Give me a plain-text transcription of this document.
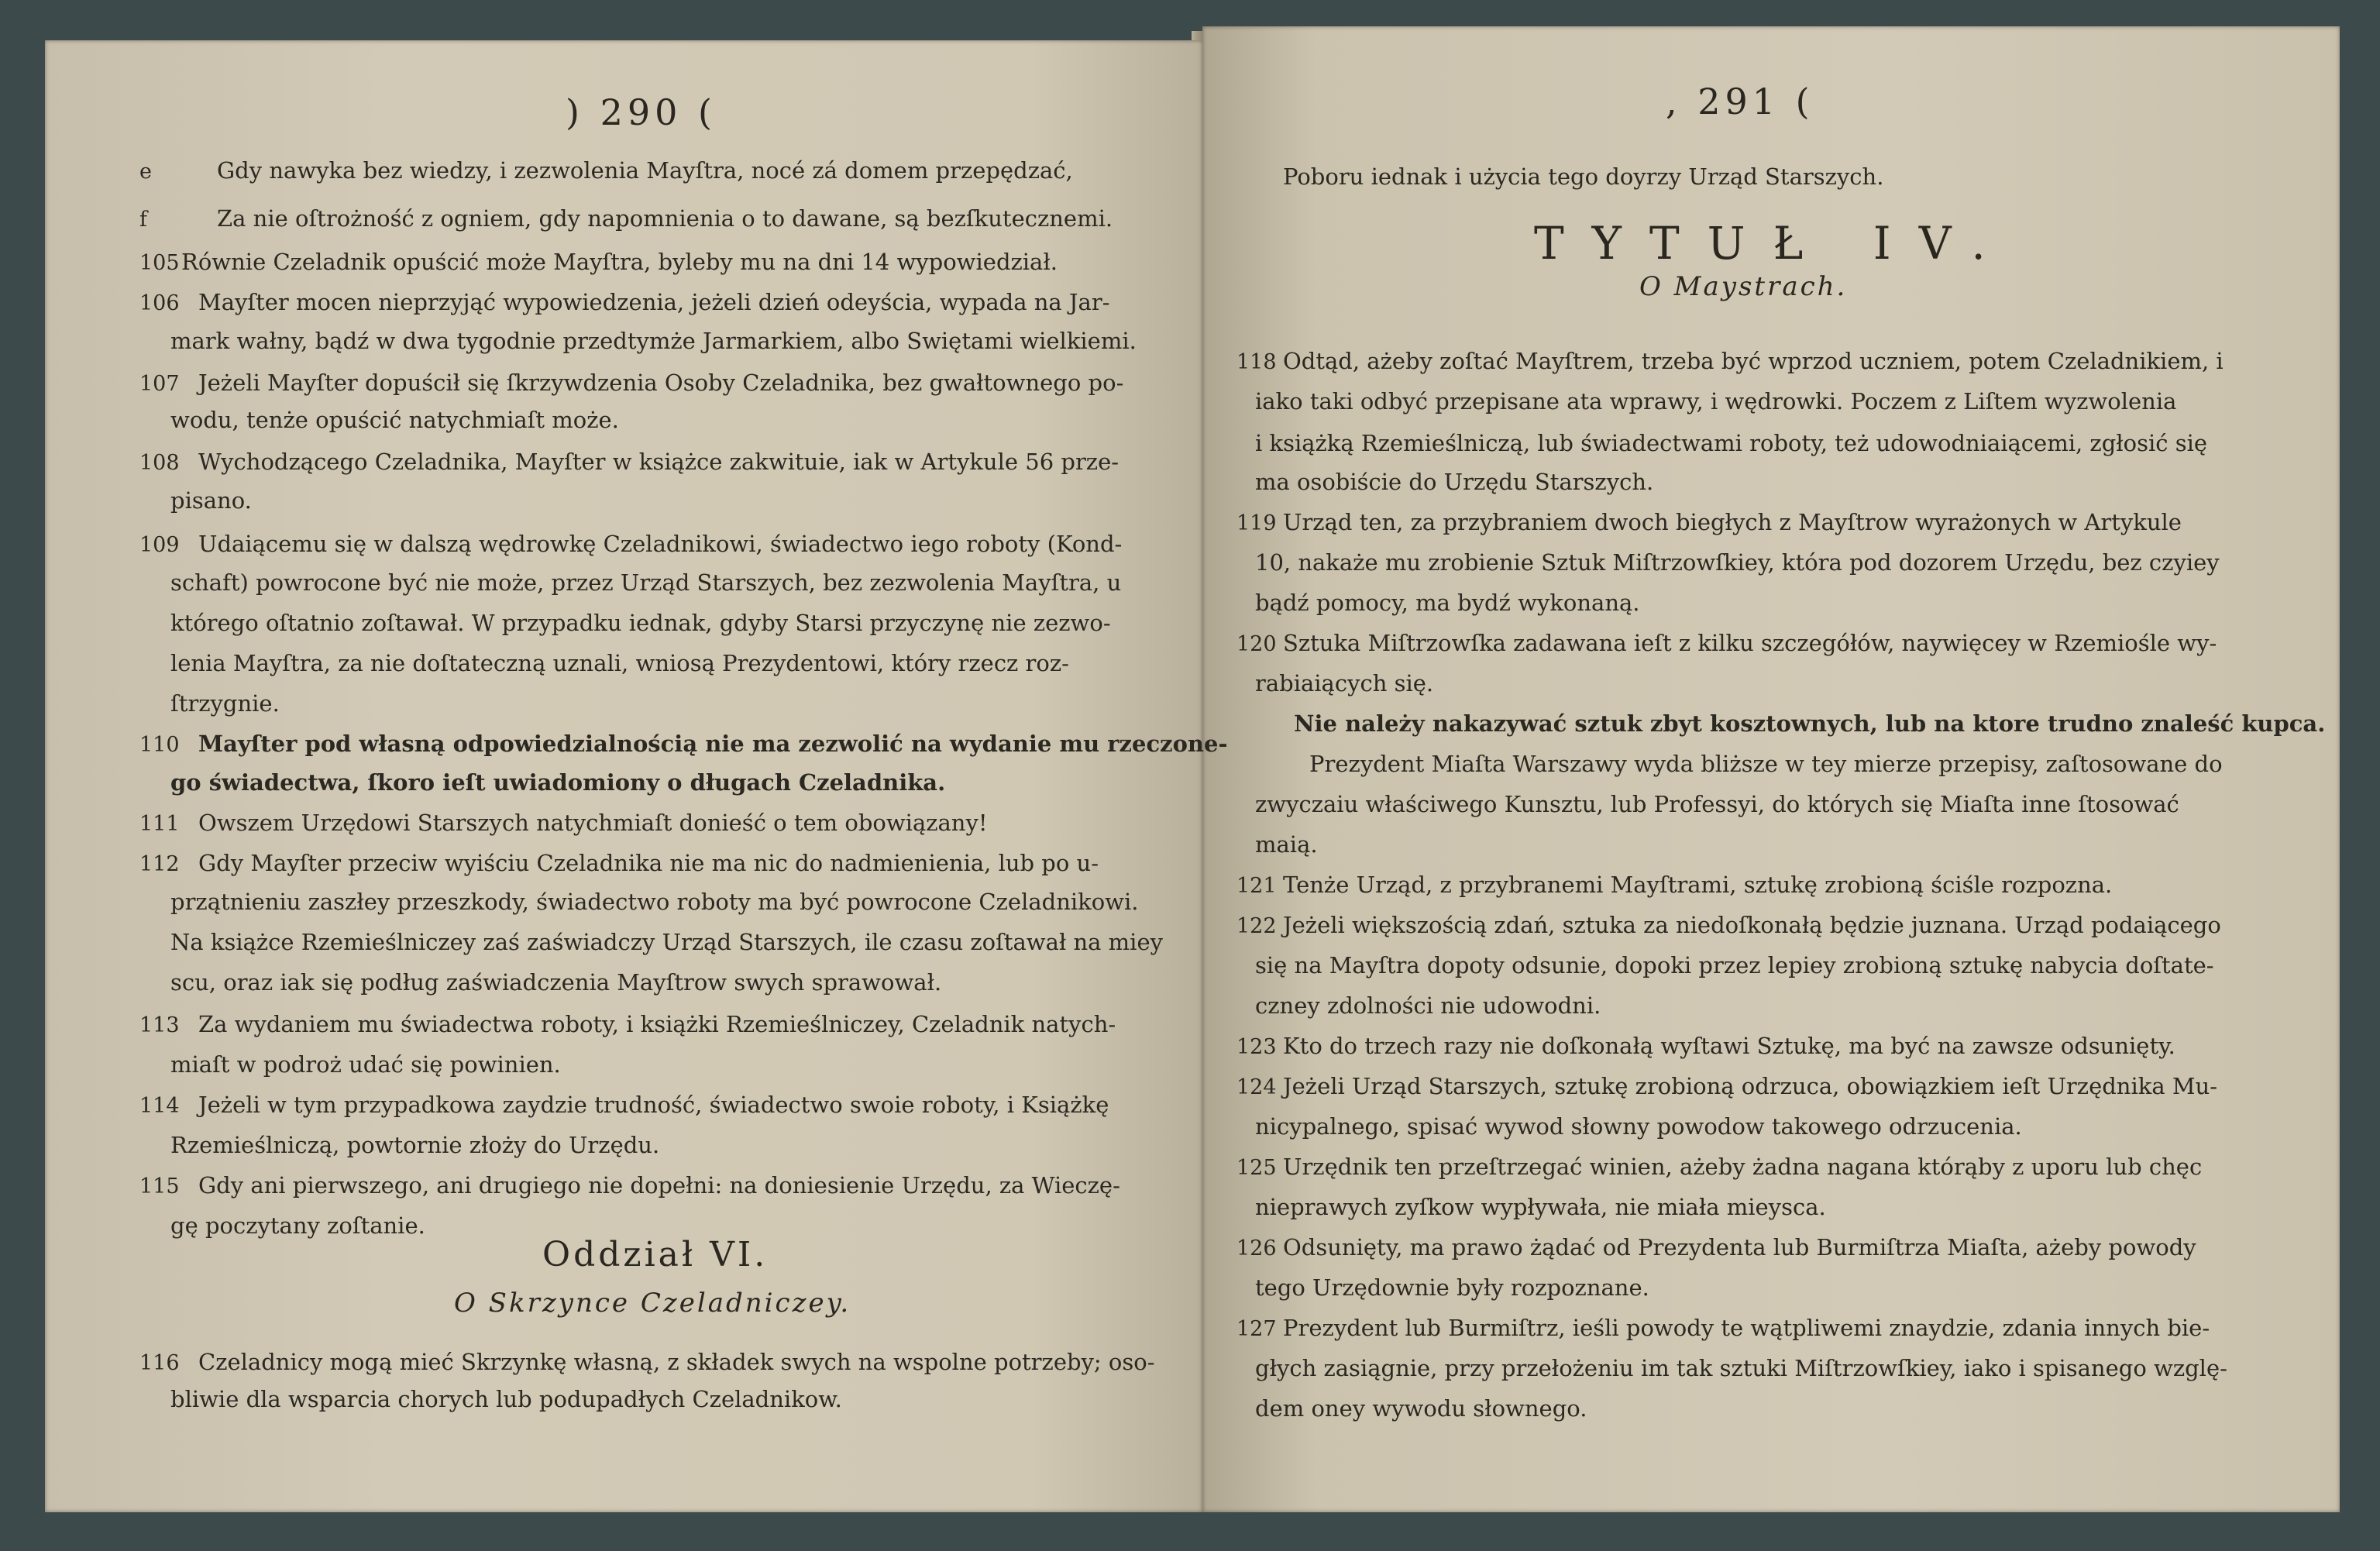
) 290 (
e	Gdy nawyka bez wiedzy, i zezwolenia Mayſtra, nocé zá domem przepędzać,
f	Za nie oſtrożność z ogniem, gdy napomnienia o to dawane, są bezſkutecznemi.
105 Równie Czeladnik opuścić może Mayſtra, byleby mu na dni 14 wypowiedział.
106 Mayſter mocen nieprzyjąć wypowiedzenia, jeżeli dzień odeyścia, wypada na Jar-
mark wałny, bądź w dwa tygodnie przedtymże Jarmarkiem, albo Swiętami wielkiemi.
107 Jeżeli Mayſter dopuścił się ſkrzywdzenia Osoby Czeladnika, bez gwałtownego po-
wodu, tenże opuścić natychmiaſt może.
108 Wychodzącego Czeladnika, Mayſter w książce zakwituie, iak w Artykule 56 prze-
pisano.
109 Udaiącemu się w dalszą wędrowkę Czeladnikowi, świadectwo iego roboty (Kond-
schaft) powrocone być nie może, przez Urząd Starszych, bez zezwolenia Mayſtra, u
którego oſtatnio zoſtawał. W przypadku iednak, gdyby Starsi przyczynę nie zezwo-
lenia Mayſtra, za nie doſtateczną uznali, wniosą Prezydentowi, który rzecz roz-
ſtrzygnie.
110 Mayſter pod własną odpowiedzialnością nie ma zezwolić na wydanie mu rzeczone-
go świadectwa, ſkoro ieſt uwiadomiony o długach Czeladnika.
111 Owszem Urzędowi Starszych natychmiaſt donieść o tem obowiązany!
112 Gdy Mayſter przeciw wyiściu Czeladnika nie ma nic do nadmienienia, lub po u-
przątnieniu zaszłey przeszkody, świadectwo roboty ma być powrocone Czeladnikowi.
Na książce Rzemieślniczey zaś zaświadczy Urząd Starszych, ile czasu zoſtawał na miey
scu, oraz iak się podług zaświadczenia Mayſtrow swych sprawował.
113 Za wydaniem mu świadectwa roboty, i książki Rzemieślniczey, Czeladnik natych-
miaſt w podroż udać się powinien.
114 Jeżeli w tym przypadkowa zaydzie trudność, świadectwo swoie roboty, i Książkę
Rzemieślniczą, powtornie złoży do Urzędu.
115 Gdy ani pierwszego, ani drugiego nie dopełni: na doniesienie Urzędu, za Wieczę-
gę poczytany zoſtanie.
Oddział VI.
O Skrzynce Czeladniczey.
116 Czeladnicy mogą mieć Skrzynkę własną, z składek swych na wspolne potrzeby; oso-
bliwie dla wsparcia chorych lub podupadłych Czeladnikow.
, 291 (
Poboru iednak i użycia tego doyrzy Urząd Starszych.
TYTUŁ IV.
O Maystrach.
118 Odtąd, ażeby zoſtać Mayſtrem, trzeba być wprzod uczniem, potem Czeladnikiem, i
iako taki odbyć przepisane ata wprawy, i wędrowki. Poczem z Liſtem wyzwolenia
i książką Rzemieślniczą, lub świadectwami roboty, też udowodniaiącemi, zgłosić się
ma osobiście do Urzędu Starszych.
119 Urząd ten, za przybraniem dwoch biegłych z Mayſtrow wyrażonych w Artykule
10, nakaże mu zrobienie Sztuk Miſtrzowſkiey, która pod dozorem Urzędu, bez czyiey
bądź pomocy, ma bydź wykonaną.
120 Sztuka Miſtrzowſka zadawana ieſt z kilku szczegółów, naywięcey w Rzemiośle wy-
rabiaiących się.
Nie należy nakazywać sztuk zbyt kosztownych, lub na ktore trudno znaleść kupca.
Prezydent Miaſta Warszawy wyda bliższe w tey mierze przepisy, zaſtosowane do
zwyczaiu właściwego Kunsztu, lub Professyi, do których się Miaſta inne ſtosować
maią.
121 Tenże Urząd, z przybranemi Mayſtrami, sztukę zrobioną ściśle rozpozna.
122 Jeżeli większością zdań, sztuka za niedoſkonałą będzie juznana. Urząd podaiącego
się na Mayſtra dopoty odsunie, dopoki przez lepiey zrobioną sztukę nabycia doſtate-
czney zdolności nie udowodni.
123 Kto do trzech razy nie doſkonałą wyſtawi Sztukę, ma być na zawsze odsunięty.
124 Jeżeli Urząd Starszych, sztukę zrobioną odrzuca, obowiązkiem ieſt Urzędnika Mu-
nicypalnego, spisać wywod słowny powodow takowego odrzucenia.
125 Urzędnik ten przeſtrzegać winien, ażeby żadna nagana którąby z uporu lub chęc
nieprawych zyſkow wypływała, nie miała mieysca.
126 Odsunięty, ma prawo żądać od Prezydenta lub Burmiſtrza Miaſta, ażeby powody
tego Urzędownie były rozpoznane.
127 Prezydent lub Burmiſtrz, ieśli powody te wątpliwemi znaydzie, zdania innych bie-
głych zasiągnie, przy przełożeniu im tak sztuki Miſtrzowſkiey, iako i spisanego wzglę-
dem oney wywodu słownego.
